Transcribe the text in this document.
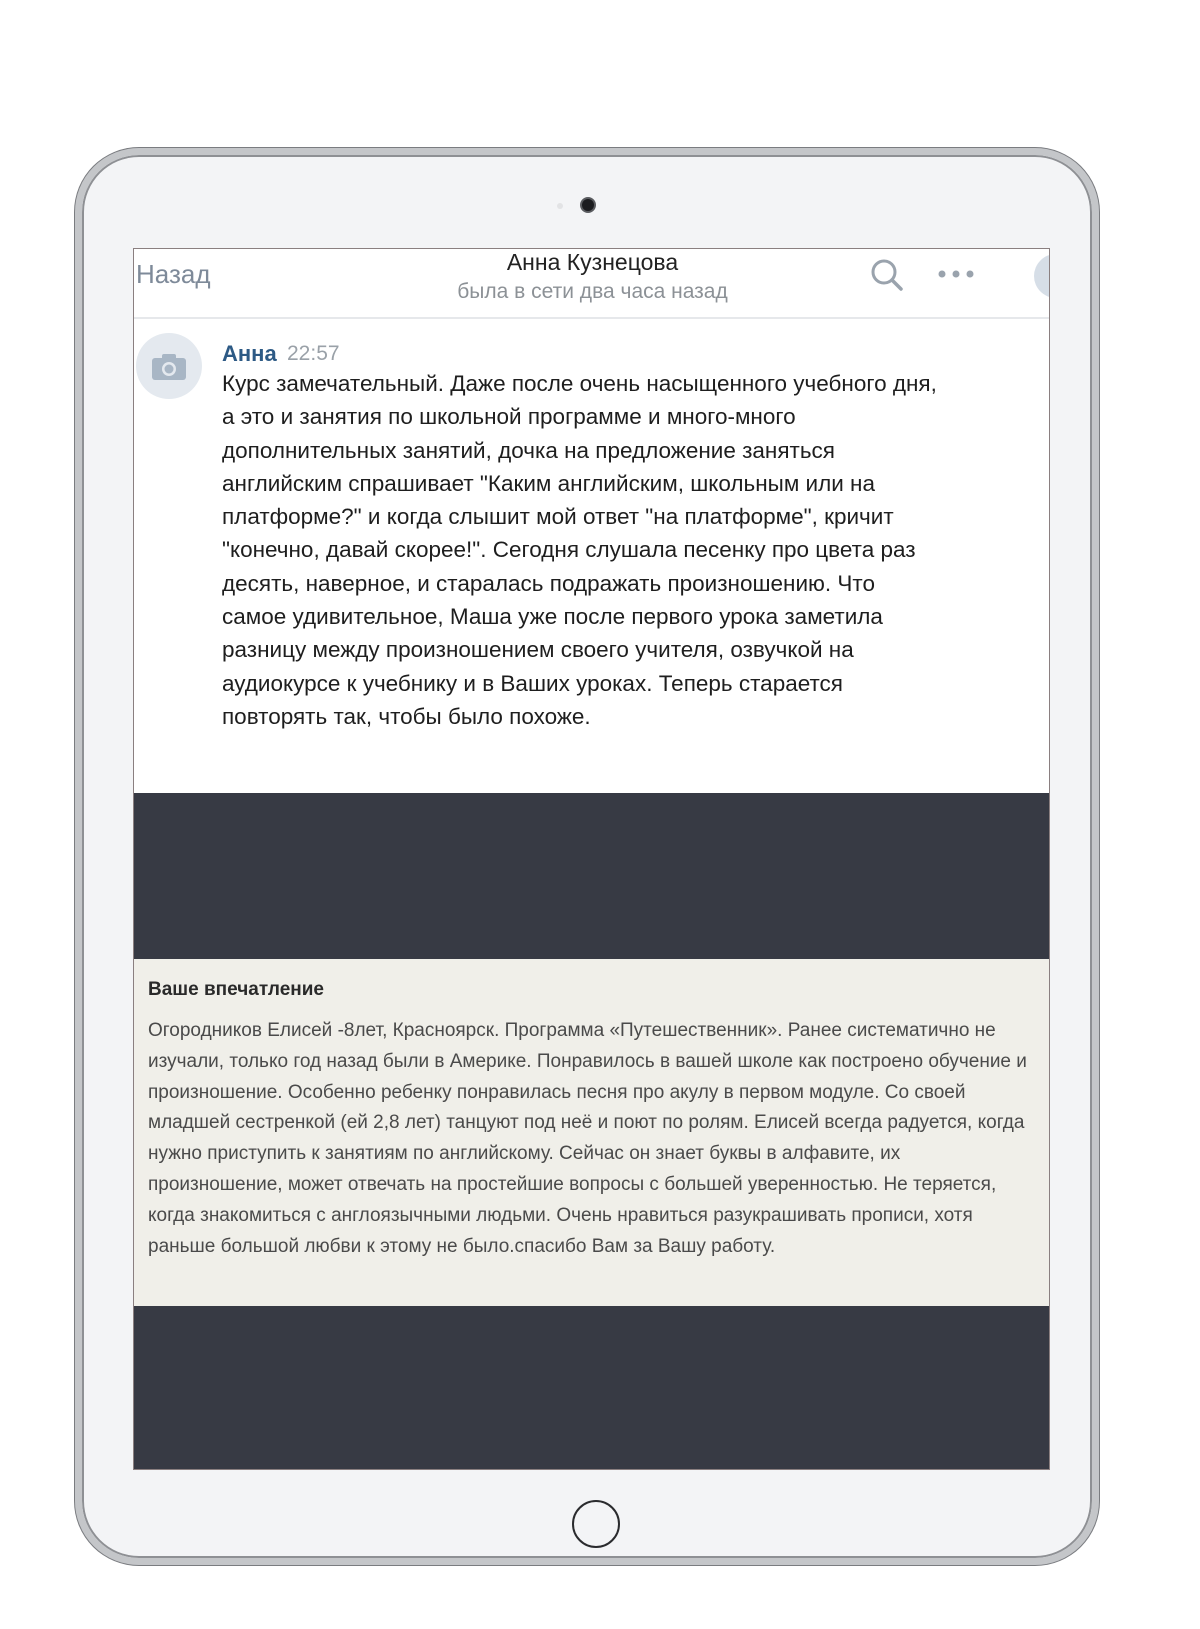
Назад	Анна Кузнецова
была в сети два часа назад
Анна 22:57
Курс замечательный. Даже после очень насыщенного учебного дня, а это и занятия по школьной программе и много-много дополнительных занятий, дочка на предложение заняться английским спрашивает "Каким английским, школьным или на платформе?" и когда слышит мой ответ "на платформе", кричит "конечно, давай скорее!". Сегодня слушала песенку про цвета раз десять, наверное, и старалась подражать произношению. Что самое удивительное, Маша уже после первого урока заметила разницу между произношением своего учителя, озвучкой на аудиокурсе к учебнику и в Ваших уроках. Теперь старается повторять так, чтобы было похоже.
Ваше впечатление
Огородников Елисей -8лет, Красноярск. Программа «Путешественник». Ранее систематично не изучали, только год назад были в Америке. Понравилось в вашей школе как построено обучение и произношение. Особенно ребенку понравилась песня про акулу в первом модуле. Со своей младшей сестренкой (ей 2,8 лет) танцуют под неё и поют по ролям. Елисей всегда радуется, когда нужно приступить к занятиям по английскому. Сейчас он знает буквы в алфавите, их произношение, может отвечать на простейшие вопросы с большей уверенностью. Не теряется, когда знакомиться с англоязычными людьми. Очень нравиться разукрашивать прописи, хотя раньше большой любви к этому не было.спасибо Вам за Вашу работу.
